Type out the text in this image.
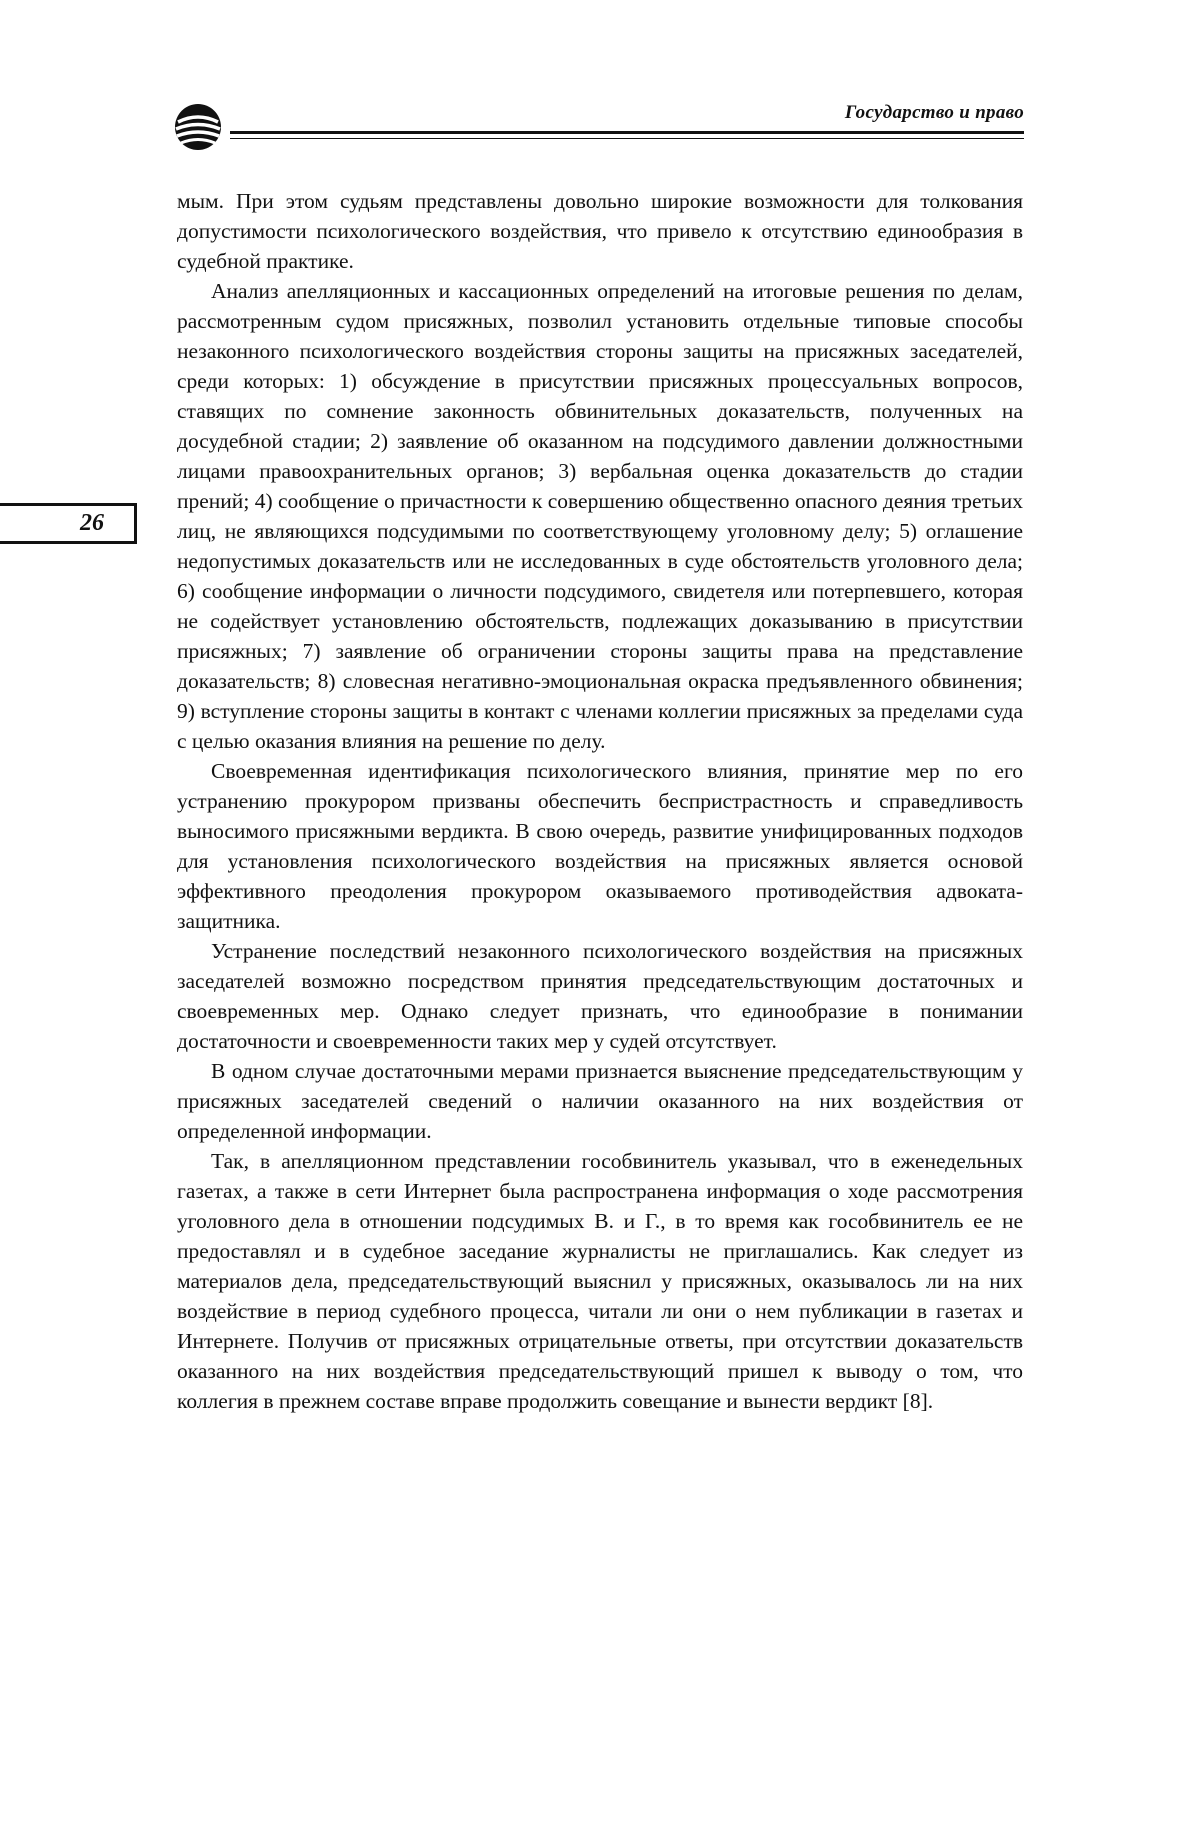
Государство и право
26

мым. При этом судьям представлены довольно широкие возможности для толкования допустимости психологического воздействия, что привело к отсутствию единообразия в судебной практике.

Анализ апелляционных и кассационных определений на итоговые решения по делам, рассмотренным судом присяжных, позволил установить отдельные типовые способы незаконного психологического воздействия стороны защиты на присяжных заседателей, среди которых: 1) обсуждение в присутствии присяжных процессуальных вопросов, ставящих по сомнение законность обвинительных доказательств, полученных на досудебной стадии; 2) заявление об оказанном на подсудимого давлении должностными лицами правоохранительных органов; 3) вербальная оценка доказательств до стадии прений; 4) сообщение о причастности к совершению общественно опасного деяния третьих лиц, не являющихся подсудимыми по соответствующему уголовному делу; 5) оглашение недопустимых доказательств или не исследованных в суде обстоятельств уголовного дела; 6) сообщение информации о личности подсудимого, свидетеля или потерпевшего, которая не содействует установлению обстоятельств, подлежащих доказыванию в присутствии присяжных; 7) заявление об ограничении стороны защиты права на представление доказательств; 8) словесная негативно-эмоциональная окраска предъявленного обвинения; 9) вступление стороны защиты в контакт с членами коллегии присяжных за пределами суда с целью оказания влияния на решение по делу.

Своевременная идентификация психологического влияния, принятие мер по его устранению прокурором призваны обеспечить беспристрастность и справедливость выносимого присяжными вердикта. В свою очередь, развитие унифицированных подходов для установления психологического воздействия на присяжных является основой эффективного преодоления прокурором оказываемого противодействия адвоката-защитника.

Устранение последствий незаконного психологического воздействия на присяжных заседателей возможно посредством принятия председательствующим достаточных и своевременных мер. Однако следует признать, что единообразие в понимании достаточности и своевременности таких мер у судей отсутствует.

В одном случае достаточными мерами признается выяснение председательствующим у присяжных заседателей сведений о наличии оказанного на них воздействия от определенной информации.

Так, в апелляционном представлении гособвинитель указывал, что в еженедельных газетах, а также в сети Интернет была распространена информация о ходе рассмотрения уголовного дела в отношении подсудимых В. и Г., в то время как гособвинитель ее не предоставлял и в судебное заседание журналисты не приглашались. Как следует из материалов дела, председательствующий выяснил у присяжных, оказывалось ли на них воздействие в период судебного процесса, читали ли они о нем публикации в газетах и Интернете. Получив от присяжных отрицательные ответы, при отсутствии доказательств оказанного на них воздействия председательствующий пришел к выводу о том, что коллегия в прежнем составе вправе продолжить совещание и вынести вердикт [8].
